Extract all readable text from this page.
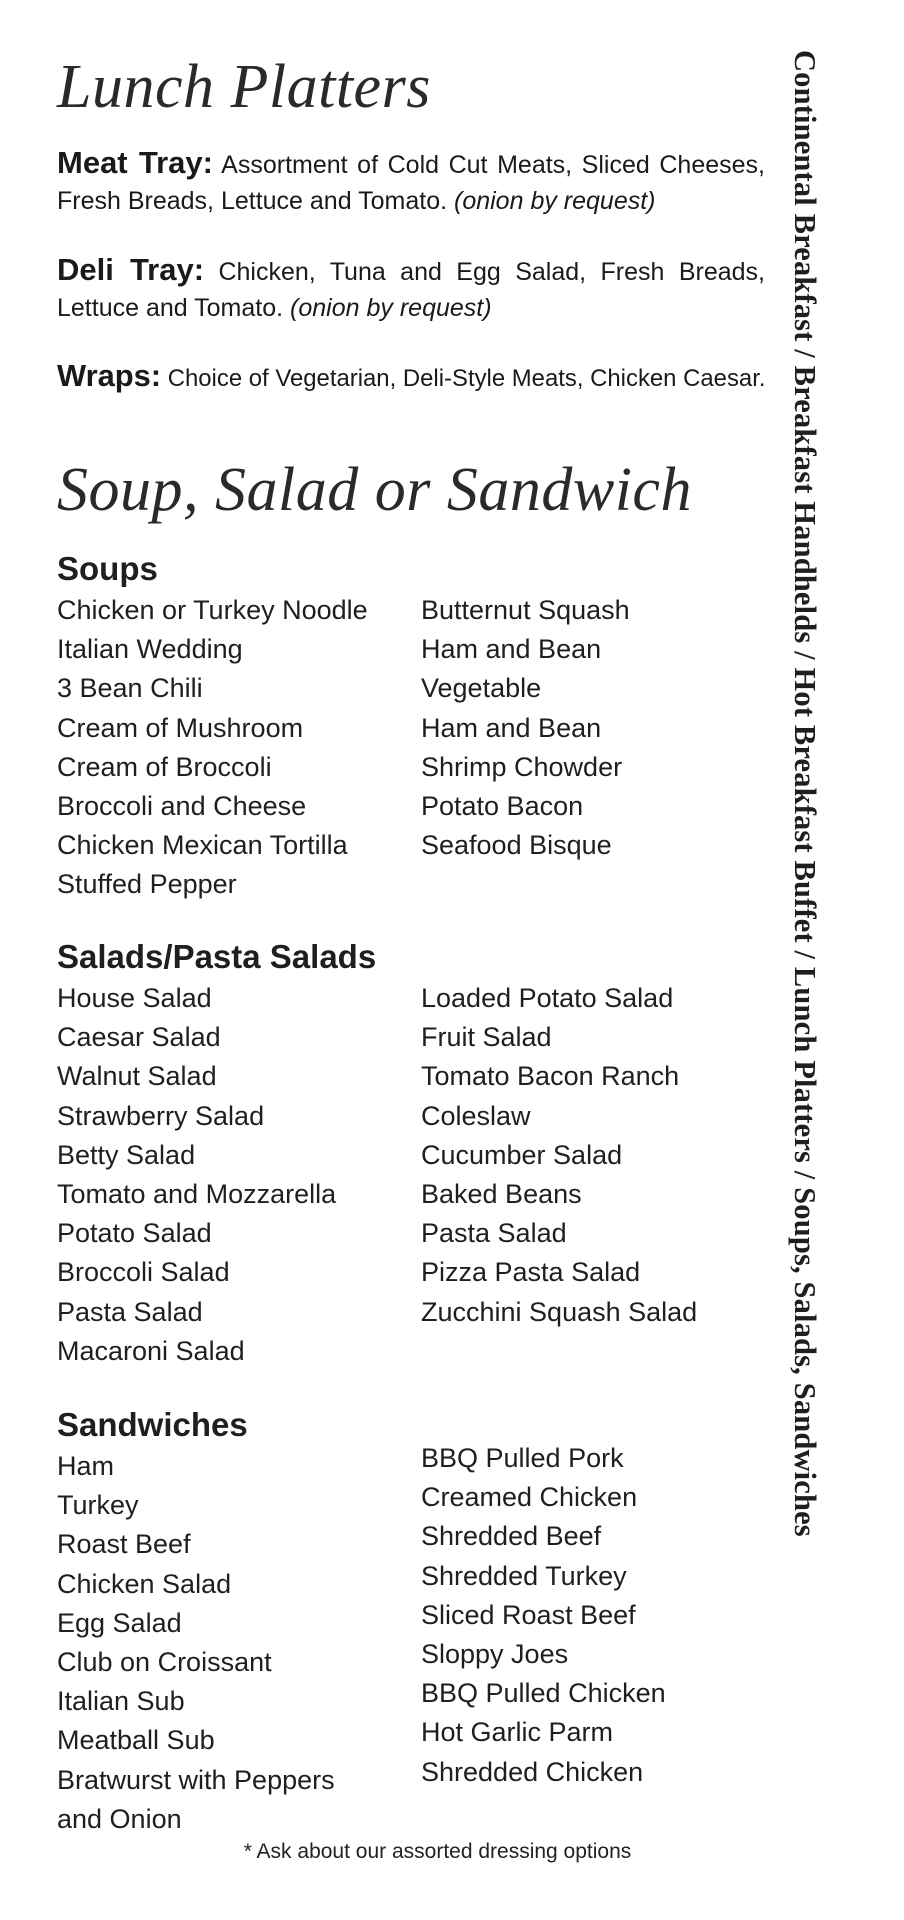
Lunch Platters

Meat Tray: Assortment of Cold Cut Meats, Sliced Cheeses, Fresh Breads, Lettuce and Tomato. (onion by request)

Deli Tray: Chicken, Tuna and Egg Salad, Fresh Breads, Lettuce and Tomato. (onion by request)

Wraps: Choice of Vegetarian, Deli-Style Meats, Chicken Caesar.

Soup, Salad or Sandwich
Soups
Chicken or Turkey Noodle
Italian Wedding
3 Bean Chili
Cream of Mushroom
Cream of Broccoli
Broccoli and Cheese
Chicken Mexican Tortilla
Stuffed Pepper
Butternut Squash
Ham and Bean
Vegetable
Ham and Bean
Shrimp Chowder
Potato Bacon
Seafood Bisque
Salads/Pasta Salads
House Salad
Caesar Salad
Walnut Salad
Strawberry Salad
Betty Salad
Tomato and Mozzarella
Potato Salad
Broccoli Salad
Pasta Salad
Macaroni Salad
Loaded Potato Salad
Fruit Salad
Tomato Bacon Ranch
Coleslaw
Cucumber Salad
Baked Beans
Pasta Salad
Pizza Pasta Salad
Zucchini Squash Salad
Sandwiches
Ham
Turkey
Roast Beef
Chicken Salad
Egg Salad
Club on Croissant
Italian Sub
Meatball Sub
Bratwurst with Peppers
and Onion
BBQ Pulled Pork
Creamed Chicken
Shredded Beef
Shredded Turkey
Sliced Roast Beef
Sloppy Joes
BBQ Pulled Chicken
Hot Garlic Parm
Shredded Chicken

* Ask about our assorted dressing options

Continental Breakfast / Breakfast Handhelds / Hot Breakfast Buffet / Lunch Platters / Soups, Salads, Sandwiches
